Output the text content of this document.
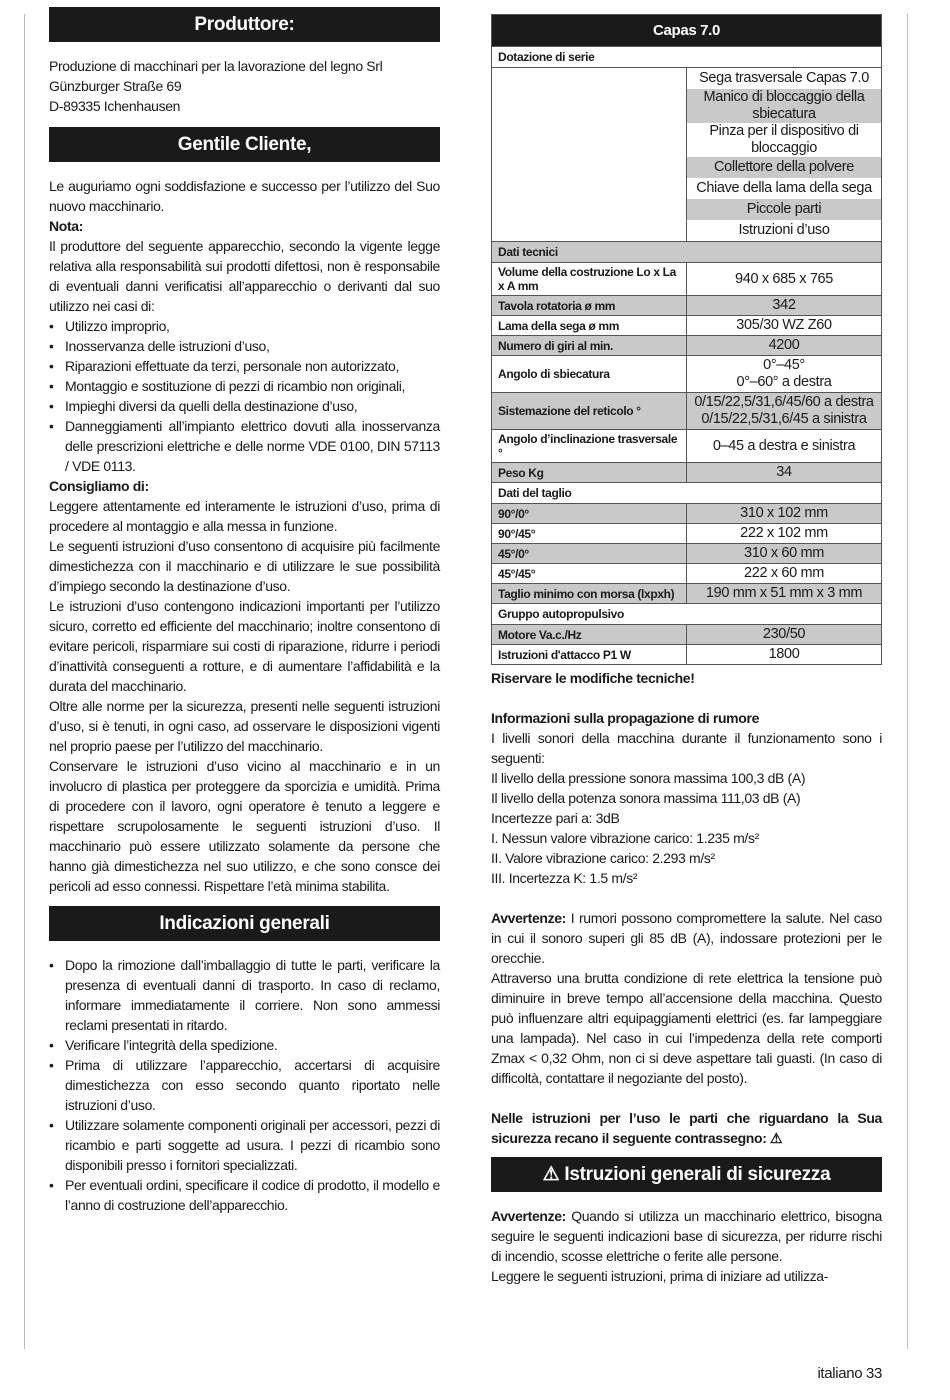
Produttore:

Produzione di macchinari per la lavorazione del legno Srl

Günzburger Straße 69

D-89335 Ichenhausen

Gentile Cliente,

Le auguriamo ogni soddisfazione e successo per l’utilizzo del Suo nuovo macchinario.

Nota:

Il produttore del seguente apparecchio, secondo la vigente legge relativa alla responsabilità sui prodotti difettosi, non è responsabile di eventuali danni verificatisi all’apparecchio o derivanti dal suo utilizzo nei casi di:

• Utilizzo improprio,
• Inosservanza delle istruzioni d’uso,
• Riparazioni effettuate da terzi, personale non autorizzato,
• Montaggio e sostituzione di pezzi di ricambio non originali,
• Impieghi diversi da quelli della destinazione d’uso,
• Danneggiamenti all’impianto elettrico dovuti alla inosservanza delle prescrizioni elettriche e delle norme VDE 0100, DIN 57113 / VDE 0113.

Consigliamo di:

Leggere attentamente ed interamente le istruzioni d’uso, prima di procedere al montaggio e alla messa in funzione.

Le seguenti istruzioni d’uso consentono di acquisire più facilmente dimestichezza con il macchinario e di utilizzare le sue possibilità d’impiego secondo la destinazione d’uso.

Le istruzioni d’uso contengono indicazioni importanti per l’utilizzo sicuro, corretto ed efficiente del macchinario; inoltre consentono di evitare pericoli, risparmiare sui costi di riparazione, ridurre i periodi d’inattività conseguenti a rotture, e di aumentare l’affidabilità e la durata del macchinario.

Oltre alle norme per la sicurezza, presenti nelle seguenti istruzioni d’uso, si è tenuti, in ogni caso, ad osservare le disposizioni vigenti nel proprio paese per l’utilizzo del macchinario.

Conservare le istruzioni d’uso vicino al macchinario e in un involucro di plastica per proteggere da sporcizia e umidità. Prima di procedere con il lavoro, ogni operatore è tenuto a leggere e rispettare scrupolosamente le seguenti istruzioni d’uso. Il macchinario può essere utilizzato solamente da persone che hanno già dimestichezza nel suo utilizzo, e che sono consce dei pericoli ad esso connessi. Rispettare l’età minima stabilita.

Indicazioni generali
• Dopo la rimozione dall’imballaggio di tutte le parti, verificare la presenza di eventuali danni di trasporto. In caso di reclamo, informare immediatamente il corriere. Non sono ammessi reclami presentati in ritardo.
• Verificare l’integrità della spedizione.
• Prima di utilizzare l’apparecchio, accertarsi di acquisire dimestichezza con esso secondo quanto riportato nelle istruzioni d’uso.
• Utilizzare solamente componenti originali per accessori, pezzi di ricambio e parti soggette ad usura. I pezzi di ricambio sono disponibili presso i fornitori specializzati.
• Per eventuali ordini, specificare il codice di prodotto, il modello e l’anno di costruzione dell’apparecchio.
Capas 7.0	
Dotazione di serie	
	Sega trasversale Capas 7.0
	Manico di bloccaggio della sbiecatura
	Pinza per il dispositivo di bloccaggio
	Collettore della polvere
	Chiave della lama della sega
	Piccole parti
	Istruzioni d’uso
Dati tecnici	
Volume della costruzione Lo x La x A mm	940 x 685 x 765
Tavola rotatoria ø mm	342
Lama della sega ø mm	305/30 WZ Z60
Numero di giri al min.	4200
Angolo di sbiecatura	0°–45°
0°–60° a destra
Sistemazione del reticolo °	0/15/22,5/31,6/45/60 a destra
0/15/22,5/31,6/45 a sinistra
Angolo d’inclinazione trasversale °	0–45 a destra e sinistra
Peso Kg	34
Dati del taglio	
90°/0°	310 x 102 mm
90°/45°	222 x 102 mm
45°/0°	310 x 60 mm
45°/45°	222 x 60 mm
Taglio minimo con morsa (lxpxh)	190 mm x 51 mm x 3 mm
Gruppo autopropulsivo	
Motore Va.c./Hz	230/50
Istruzioni d'attacco P1 W	1800

Riservare le modifiche tecniche!

Informazioni sulla propagazione di rumore

I livelli sonori della macchina durante il funzionamento sono i seguenti:

Il livello della pressione sonora massima 100,3 dB (A)

Il livello della potenza sonora massima 111,03 dB (A)

Incertezze pari a: 3dB

I. Nessun valore vibrazione carico: 1.235 m/s²

II. Valore vibrazione carico: 2.293 m/s²

III. Incertezza K: 1.5 m/s²

Avvertenze: I rumori possono compromettere la salute. Nel caso in cui il sonoro superi gli 85 dB (A), indossare protezioni per le orecchie.

Attraverso una brutta condizione di rete elettrica la tensione può diminuire in breve tempo all’accensione della macchina. Questo può influenzare altri equipaggiamenti elettrici (es. far lampeggiare una lampada). Nel caso in cui l’impedenza della rete comporti Zmax < 0,32 Ohm, non ci si deve aspettare tali guasti. (In caso di difficoltà, contattare il negoziante del posto).

Nelle istruzioni per l’uso le parti che riguardano la Sua sicurezza recano il seguente contrassegno: ⚠

⚠ Istruzioni generali di sicurezza

Avvertenze: Quando si utilizza un macchinario elettrico, bisogna seguire le seguenti indicazioni base di sicurezza, per ridurre rischi di incendio, scosse elettriche o ferite alle persone.

Leggere le seguenti istruzioni, prima di iniziare ad utilizza-

italiano 33
